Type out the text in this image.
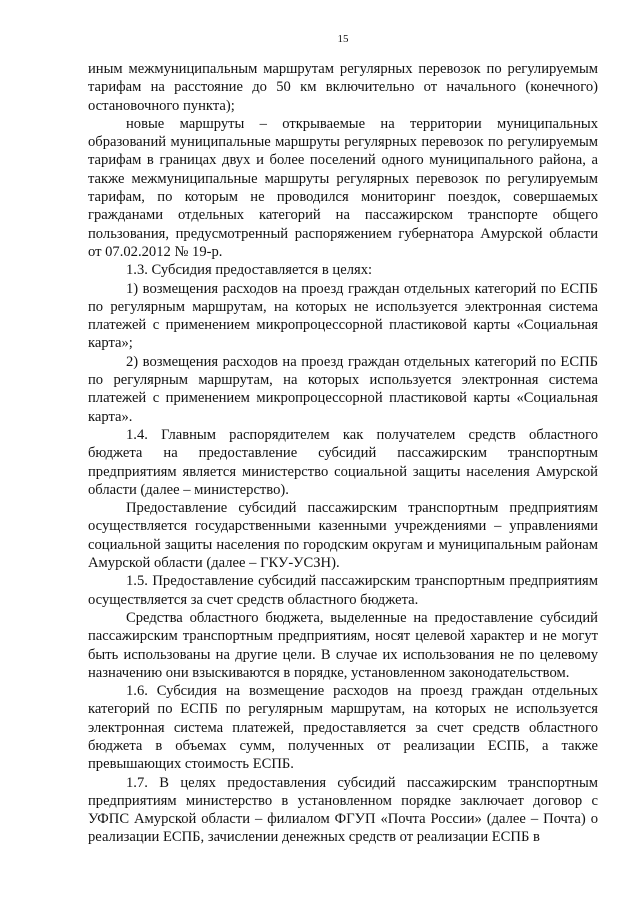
15

иным межмуниципальным маршрутам регулярных перевозок по регулируемым тарифам на расстояние до 50 км включительно от начального (конечного) остановочного пункта);

новые маршруты – открываемые на территории муниципальных образований муниципальные маршруты регулярных перевозок по регулируемым тарифам в границах двух и более поселений одного муниципального района, а также межмуниципальные маршруты регулярных перевозок по регулируемым тарифам, по которым не проводился мониторинг поездок, совершаемых гражданами отдельных категорий на пассажирском транспорте общего пользования, предусмотренный распоряжением губернатора Амурской области от 07.02.2012 № 19-р.

1.3. Субсидия предоставляется в целях:

1) возмещения расходов на проезд граждан отдельных категорий по ЕСПБ по регулярным маршрутам, на которых не используется электронная система платежей с применением микропроцессорной пластиковой карты «Социальная карта»;

2) возмещения расходов на проезд граждан отдельных категорий по ЕСПБ по регулярным маршрутам, на которых используется электронная система платежей с применением микропроцессорной пластиковой карты «Социальная карта».

1.4. Главным распорядителем как получателем средств областного бюджета на предоставление субсидий пассажирским транспортным предприятиям является министерство социальной защиты населения Амурской области (далее – министерство).

Предоставление субсидий пассажирским транспортным предприятиям осуществляется государственными казенными учреждениями – управлениями социальной защиты населения по городским округам и муниципальным районам Амурской области (далее – ГКУ-УСЗН).

1.5. Предоставление субсидий пассажирским транспортным предприятиям осуществляется за счет средств областного бюджета.

Средства областного бюджета, выделенные на предоставление субсидий пассажирским транспортным предприятиям, носят целевой характер и не могут быть использованы на другие цели. В случае их использования не по целевому назначению они взыскиваются в порядке, установленном законодательством.

1.6. Субсидия на возмещение расходов на проезд граждан отдельных категорий по ЕСПБ по регулярным маршрутам, на которых не используется электронная система платежей, предоставляется за счет средств областного бюджета в объемах сумм, полученных от реализации ЕСПБ, а также превышающих стоимость ЕСПБ.

1.7. В целях предоставления субсидий пассажирским транспортным предприятиям министерство в установленном порядке заключает договор с УФПС Амурской области – филиалом ФГУП «Почта России» (далее – Почта) о реализации ЕСПБ, зачислении денежных средств от реализации ЕСПБ в
